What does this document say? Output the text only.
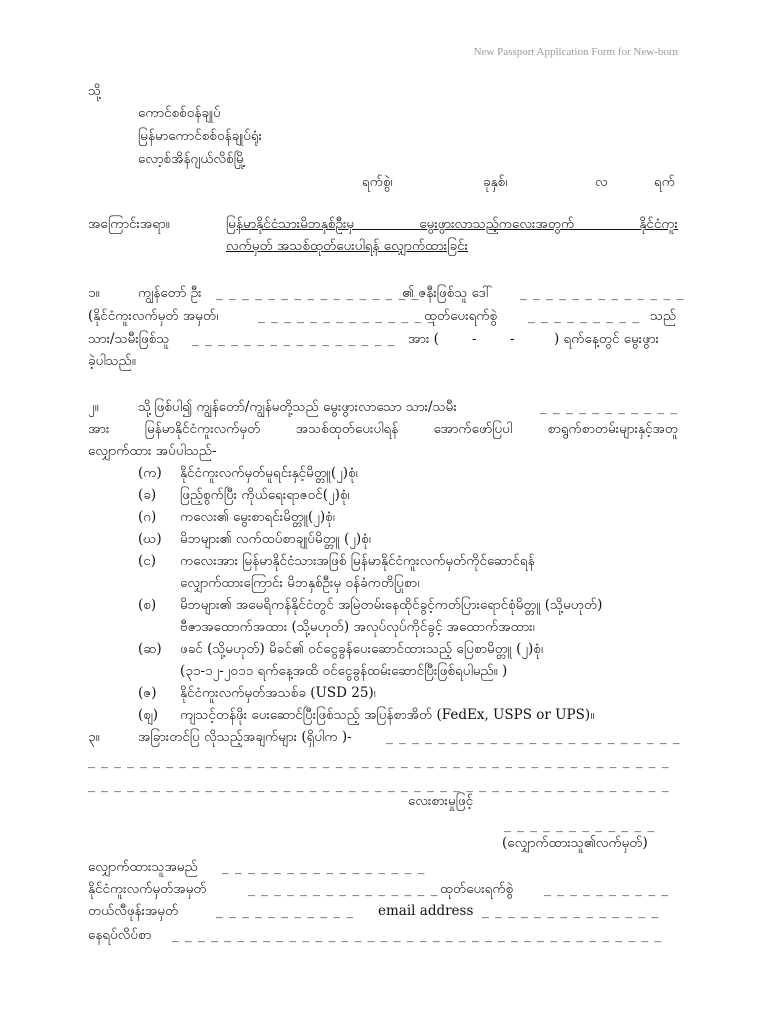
New Passport Application Form for New-born
သို့
ကောင်စစ်ဝန်ချုပ်
မြန်မာကောင်စစ်ဝန်ချုပ်ရုံး
လော့စ်အိန်ဂျယ်လိစ်မြို့
ရက်စွဲ၊	ခုနှစ်၊	လ	ရက်
အကြောင်းအရာ။	မြန်မာနိုင်ငံသားမိဘနှစ်ဦးမှ မွေးဖွားလာသည့်ကလေးအတွက် နိုင်ငံကူး
လက်မှတ် အသစ်ထုတ်ပေးပါရန် လျှောက်ထားခြင်း
၁။	ကျွန်တော် ဦး _ _ _ _ _ _ _ _ _ _ _ _ _ _ _ _
၏ ဇနီးဖြစ်သူ ဒေါ် _ _ _ _ _ _ _ _ _ _ _ _ _
(နိုင်ငံကူးလက်မှတ် အမှတ်၊	_ _ _ _ _ _ _ _ _ _ _ _ _ _
ထုတ်ပေးရက်စွဲ _ _ _ _ _ _ _ _ _ သည်
သား/သမီးဖြစ်သူ _ _ _ _ _ _ _ _ _ _ _ _ _ _ _ _ အား ( - -	) ရက်နေ့တွင် မွေးဖွား
ခဲ့ပါသည်။
၂။	သို့ဖြစ်ပါ၍ ကျွန်တော်/ကျွန်မတို့သည် မွေးဖွားလာသော သား/သမီး	_ _ _ _ _ _ _ _ _ _ _
အား မြန်မာနိုင်ငံကူးလက်မှတ် အသစ်ထုတ်ပေးပါရန် အောက်ဖော်ပြပါ စာရွက်စာတမ်းများနှင့်အတူ
လျှောက်ထား အပ်ပါသည်-
(က) နိုင်ငံကူးလက်မှတ်မူရင်းနှင့်မိတ္တူ(၂)စုံ၊
(ခ) ဖြည့်စွက်ပြီး ကိုယ်ရေးရာဇဝင်(၂)စုံ၊
(ဂ) ကလေး၏ မွေးစာရင်းမိတ္တူ(၂)စုံ၊
(ဃ) မိဘများ၏ လက်ထပ်စာချုပ်မိတ္တူ (၂)စုံ၊
(င) ကလေးအား မြန်မာနိုင်ငံသားအဖြစ် မြန်မာနိုင်ငံကူးလက်မှတ်ကိုင်ဆောင်ရန်
လျှောက်ထားကြောင်း မိဘနှစ်ဦးမှ ဝန်ခံကတိပြုစာ၊
(စ) မိဘများ၏ အမေရိကန်နိုင်ငံတွင် အမြဲတမ်းနေထိုင်ခွင့်ကတ်ပြားရောင်စုံမိတ္တူ (သို့မဟုတ်)
ဗီဇာအထောက်အထား (သို့မဟုတ်) အလုပ်လုပ်ကိုင်ခွင့် အထောက်အထား၊
(ဆ) ဖခင် (သို့မဟုတ်) မိခင်၏ ဝင်ငွေခွန်ပေးဆောင်ထားသည့် ပြေစာမိတ္တူ (၂)စုံ၊
(၃၁-၁၂-၂၀၁၁ ရက်နေ့အထိ ဝင်ငွေခွန်ထမ်းဆောင်ပြီးဖြစ်ရပါမည်။ )
(ဇ) နိုင်ငံကူးလက်မှတ်အသစ်ခ (USD 25)၊
(ဈ) ကျသင့်တန်ဖိုး ပေးဆောင်ပြီးဖြစ်သည့် အပြန်စာအိတ် (FedEx, USPS or UPS)။
၃။	အခြားတင်ပြ လိုသည့်အချက်များ (ရှိပါက )-	_ _ _ _ _ _ _ _ _ _ _ _ _ _ _ _ _ _ _ _ _ _ _
_ _ _ _ _ _ _ _ _ _ _ _ _ _ _ _ _ _ _ _ _ _ _ _ _ _ _ _ _ _ _ _ _ _ _ _ _ _ _ _ _ _ _ _ _
_ _ _ _ _ _ _ _ _ _ _ _ _ _ _ _ _ _ _ _ _ _ _ _ _ _ _ _ _ _ _ _ _ _ _ _ _ _ _ _ _ _ _ _ _
လေးစားမှုဖြင့်
_ _ _ _ _ _ _ _ _ _ _ _
(လျှောက်ထားသူ၏လက်မှတ်)
လျှောက်ထားသူအမည် _ _ _ _ _ _ _ _ _ _ _ _ _ _ _ _
နိုင်ငံကူးလက်မှတ်အမှတ်	_ _ _ _ _ _ _ _ _ _ _ _ _ _ _ ထုတ်ပေးရက်စွဲ _ _ _ _ _ _ _ _ _ _
တယ်လီဖုန်းအမှတ်	_ _ _ _ _ _ _ _ _ _ _ email address _ _ _ _ _ _ _ _ _ _ _ _ _ _
နေရပ်လိပ်စာ _ _ _ _ _ _ _ _ _ _ _ _ _ _ _ _ _ _ _ _ _ _ _ _ _ _ _ _ _ _ _ _ _ _ _ _ _ _
